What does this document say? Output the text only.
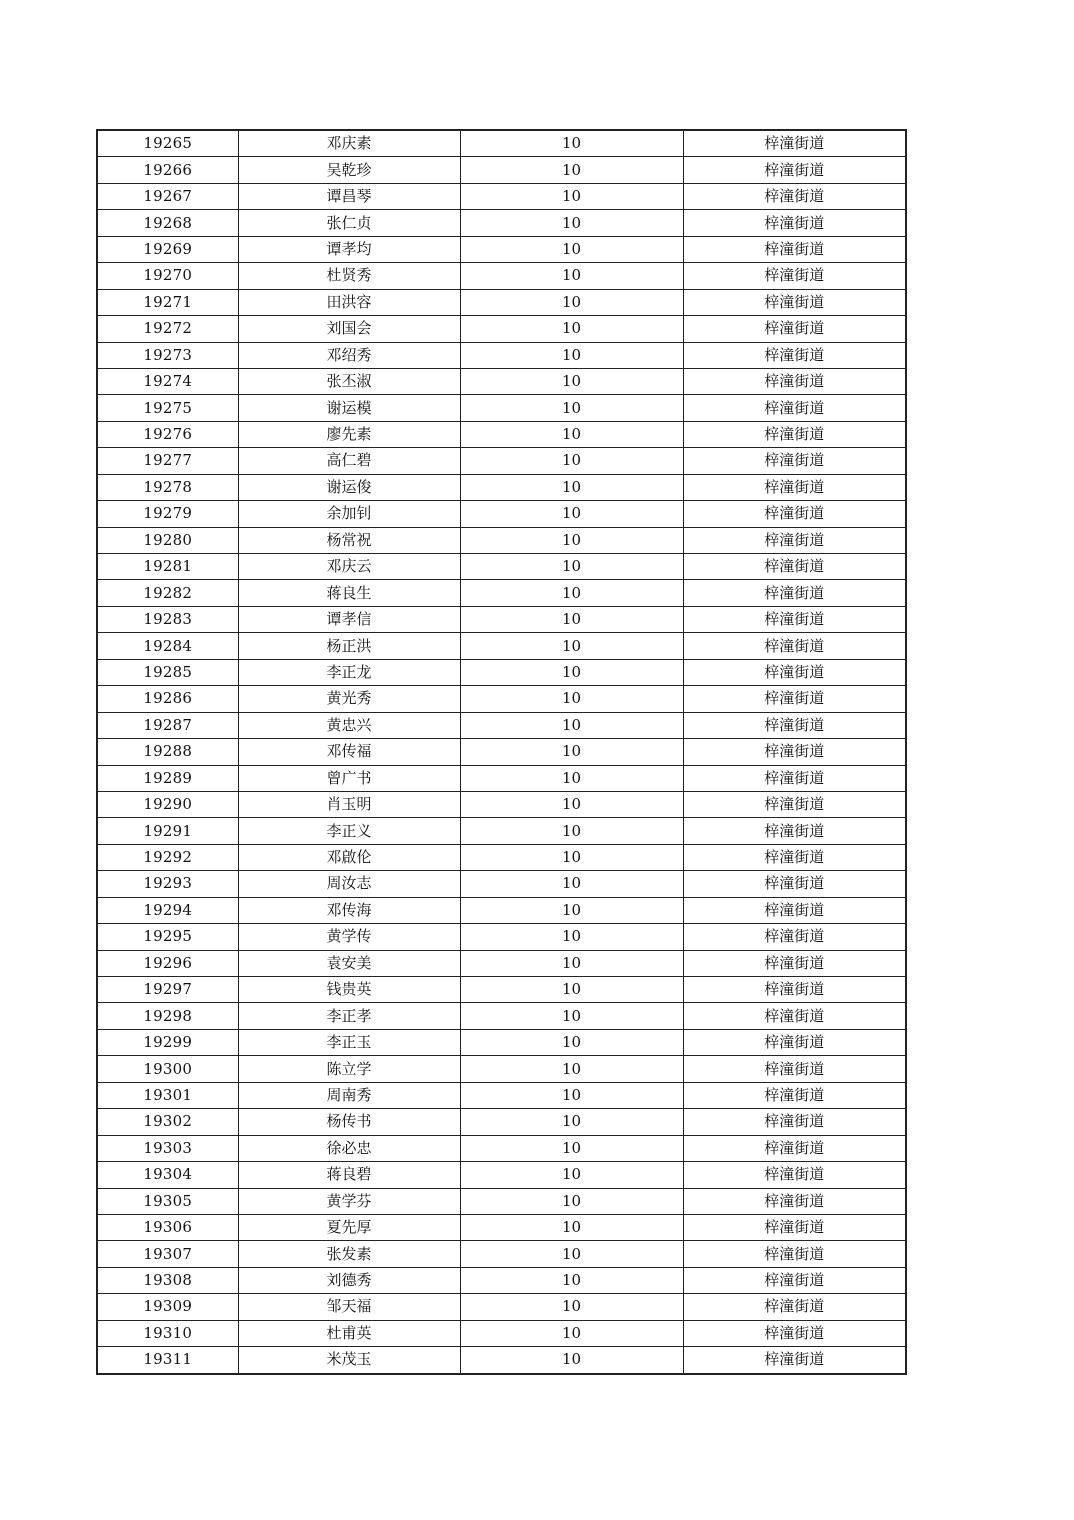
19265	邓庆素	10	梓潼街道
19266	吴乾珍	10	梓潼街道
19267	谭昌琴	10	梓潼街道
19268	张仁贞	10	梓潼街道
19269	谭孝均	10	梓潼街道
19270	杜贤秀	10	梓潼街道
19271	田洪容	10	梓潼街道
19272	刘国会	10	梓潼街道
19273	邓绍秀	10	梓潼街道
19274	张丕淑	10	梓潼街道
19275	谢运模	10	梓潼街道
19276	廖先素	10	梓潼街道
19277	高仁碧	10	梓潼街道
19278	谢运俊	10	梓潼街道
19279	余加钊	10	梓潼街道
19280	杨常祝	10	梓潼街道
19281	邓庆云	10	梓潼街道
19282	蒋良生	10	梓潼街道
19283	谭孝信	10	梓潼街道
19284	杨正洪	10	梓潼街道
19285	李正龙	10	梓潼街道
19286	黄光秀	10	梓潼街道
19287	黄忠兴	10	梓潼街道
19288	邓传福	10	梓潼街道
19289	曾广书	10	梓潼街道
19290	肖玉明	10	梓潼街道
19291	李正义	10	梓潼街道
19292	邓啟伦	10	梓潼街道
19293	周汝志	10	梓潼街道
19294	邓传海	10	梓潼街道
19295	黄学传	10	梓潼街道
19296	袁安美	10	梓潼街道
19297	钱贵英	10	梓潼街道
19298	李正孝	10	梓潼街道
19299	李正玉	10	梓潼街道
19300	陈立学	10	梓潼街道
19301	周南秀	10	梓潼街道
19302	杨传书	10	梓潼街道
19303	徐必忠	10	梓潼街道
19304	蒋良碧	10	梓潼街道
19305	黄学芬	10	梓潼街道
19306	夏先厚	10	梓潼街道
19307	张发素	10	梓潼街道
19308	刘德秀	10	梓潼街道
19309	邹天福	10	梓潼街道
19310	杜甫英	10	梓潼街道
19311	米茂玉	10	梓潼街道
